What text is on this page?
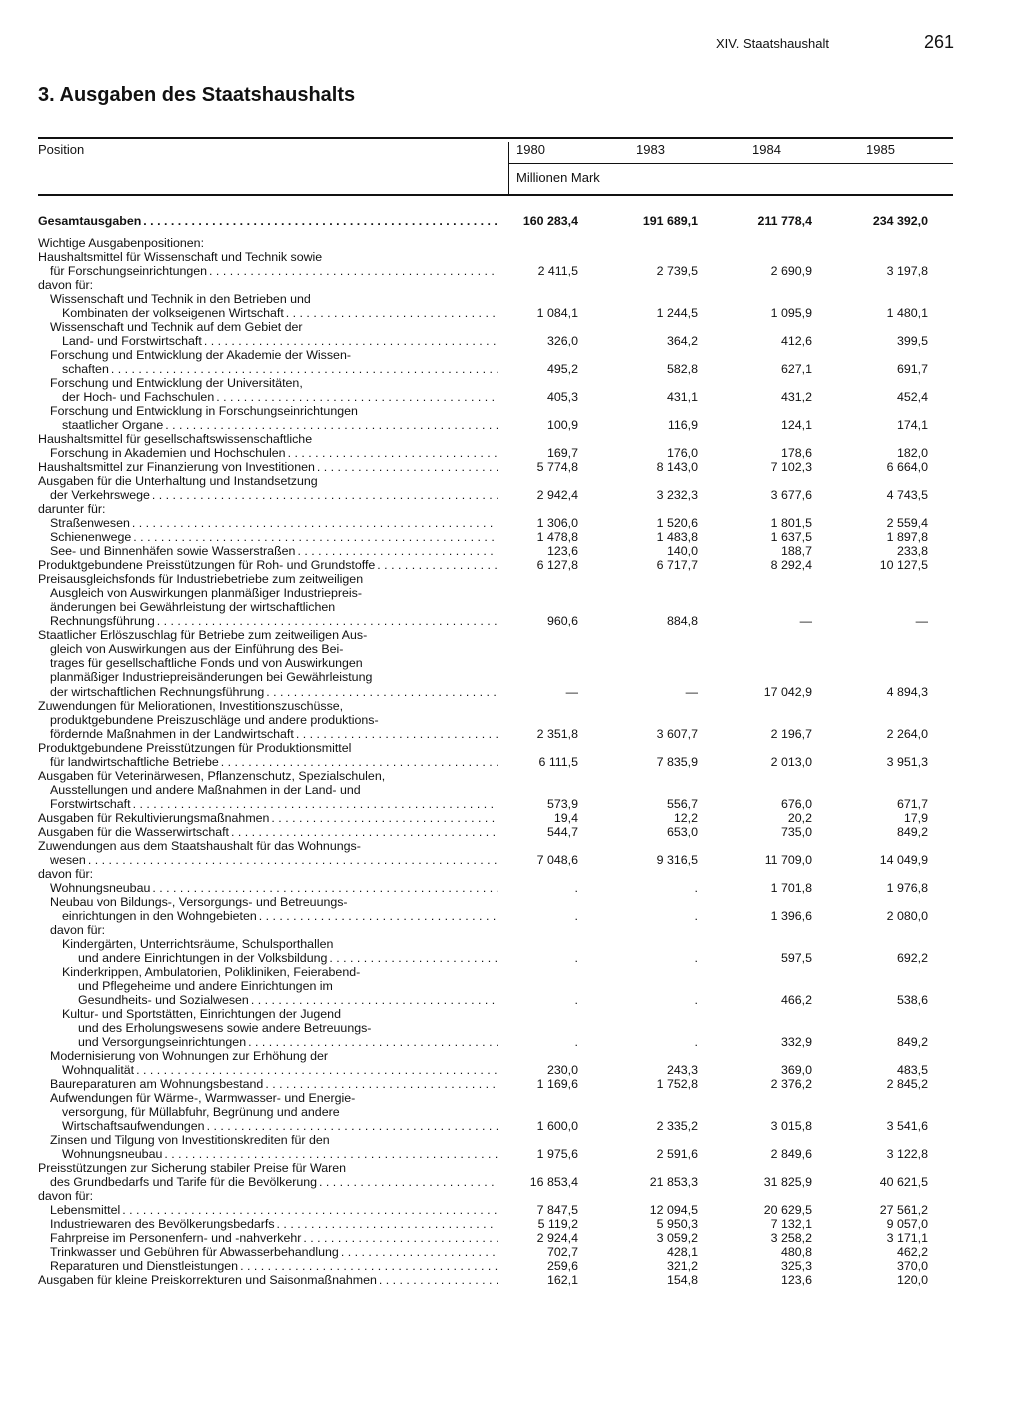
XIV. Staatshaushalt	261
3. Ausgaben des Staatshaushalts
Position	1980	1983	1984	1985
Millionen Mark
Gesamtausgaben . . .	160 283,4	191 689,1	211 778,4	234 392,0
Wichtige Ausgabenpositionen:
Haushaltsmittel für Wissenschaft und Technik sowie
für Forschungseinrichtungen . . .	2 411,5	2 739,5	2 690,9	3 197,8
davon für:
Wissenschaft und Technik in den Betrieben und
Kombinaten der volkseigenen Wirtschaft . . .	1 084,1	1 244,5	1 095,9	1 480,1
Wissenschaft und Technik auf dem Gebiet der
Land- und Forstwirtschaft . . .	326,0	364,2	412,6	399,5
Forschung und Entwicklung der Akademie der Wissen-
schaften . . .	495,2	582,8	627,1	691,7
Forschung und Entwicklung der Universitäten,
der Hoch- und Fachschulen . . .	405,3	431,1	431,2	452,4
Forschung und Entwicklung in Forschungseinrichtungen
staatlicher Organe . . .	100,9	116,9	124,1	174,1
Haushaltsmittel für gesellschaftswissenschaftliche
Forschung in Akademien und Hochschulen . . .	169,7	176,0	178,6	182,0
Haushaltsmittel zur Finanzierung von Investitionen . . .	5 774,8	8 143,0	7 102,3	6 664,0
Ausgaben für die Unterhaltung und Instandsetzung
der Verkehrswege . . .	2 942,4	3 232,3	3 677,6	4 743,5
darunter für:
Straßenwesen . . .	1 306,0	1 520,6	1 801,5	2 559,4
Schienenwege . . .	1 478,8	1 483,8	1 637,5	1 897,8
See- und Binnenhäfen sowie Wasserstraßen . . .	123,6	140,0	188,7	233,8
Produktgebundene Preisstützungen für Roh- und Grundstoffe . . .	6 127,8	6 717,7	8 292,4	10 127,5
Preisausgleichsfonds für Industriebetriebe zum zeitweiligen
Ausgleich von Auswirkungen planmäßiger Industriepreis-
änderungen bei Gewährleistung der wirtschaftlichen
Rechnungsführung . . .	960,6	884,8	—	—
Staatlicher Erlöszuschlag für Betriebe zum zeitweiligen Aus-
gleich von Auswirkungen aus der Einführung des Bei-
trages für gesellschaftliche Fonds und von Auswirkungen
planmäßiger Industriepreisänderungen bei Gewährleistung
der wirtschaftlichen Rechnungsführung . . .	—	—	17 042,9	4 894,3
Zuwendungen für Meliorationen, Investitionszuschüsse,
produktgebundene Preiszuschläge und andere produktions-
fördernde Maßnahmen in der Landwirtschaft . . .	2 351,8	3 607,7	2 196,7	2 264,0
Produktgebundene Preisstützungen für Produktionsmittel
für landwirtschaftliche Betriebe . . .	6 111,5	7 835,9	2 013,0	3 951,3
Ausgaben für Veterinärwesen, Pflanzenschutz, Spezialschulen,
Ausstellungen und andere Maßnahmen in der Land- und
Forstwirtschaft . . .	573,9	556,7	676,0	671,7
Ausgaben für Rekultivierungsmaßnahmen . . .	19,4	12,2	20,2	17,9
Ausgaben für die Wasserwirtschaft . . .	544,7	653,0	735,0	849,2
Zuwendungen aus dem Staatshaushalt für das Wohnungs-
wesen . . .	7 048,6	9 316,5	11 709,0	14 049,9
davon für:
Wohnungsneubau . . .	.	.	1 701,8	1 976,8
Neubau von Bildungs-, Versorgungs- und Betreuungs-
einrichtungen in den Wohngebieten . . .	.	.	1 396,6	2 080,0
davon für:
Kindergärten, Unterrichtsräume, Schulsporthallen
und andere Einrichtungen in der Volksbildung . . .	.	.	597,5	692,2
Kinderkrippen, Ambulatorien, Polikliniken, Feierabend-
und Pflegeheime und andere Einrichtungen im
Gesundheits- und Sozialwesen . . .	.	.	466,2	538,6
Kultur- und Sportstätten, Einrichtungen der Jugend
und des Erholungswesens sowie andere Betreuungs-
und Versorgungseinrichtungen . . .	.	.	332,9	849,2
Modernisierung von Wohnungen zur Erhöhung der
Wohnqualität . . .	230,0	243,3	369,0	483,5
Baureparaturen am Wohnungsbestand . . .	1 169,6	1 752,8	2 376,2	2 845,2
Aufwendungen für Wärme-, Warmwasser- und Energie-
versorgung, für Müllabfuhr, Begrünung und andere
Wirtschaftsaufwendungen . . .	1 600,0	2 335,2	3 015,8	3 541,6
Zinsen und Tilgung von Investitionskrediten für den
Wohnungsneubau . . .	1 975,6	2 591,6	2 849,6	3 122,8
Preisstützungen zur Sicherung stabiler Preise für Waren
des Grundbedarfs und Tarife für die Bevölkerung . . .	16 853,4	21 853,3	31 825,9	40 621,5
davon für:
Lebensmittel . . .	7 847,5	12 094,5	20 629,5	27 561,2
Industriewaren des Bevölkerungsbedarfs . . .	5 119,2	5 950,3	7 132,1	9 057,0
Fahrpreise im Personenfern- und -nahverkehr . . .	2 924,4	3 059,2	3 258,2	3 171,1
Trinkwasser und Gebühren für Abwasserbehandlung . . .	702,7	428,1	480,8	462,2
Reparaturen und Dienstleistungen . . .	259,6	321,2	325,3	370,0
Ausgaben für kleine Preiskorrekturen und Saisonmaßnahmen . . .	162,1	154,8	123,6	120,0
